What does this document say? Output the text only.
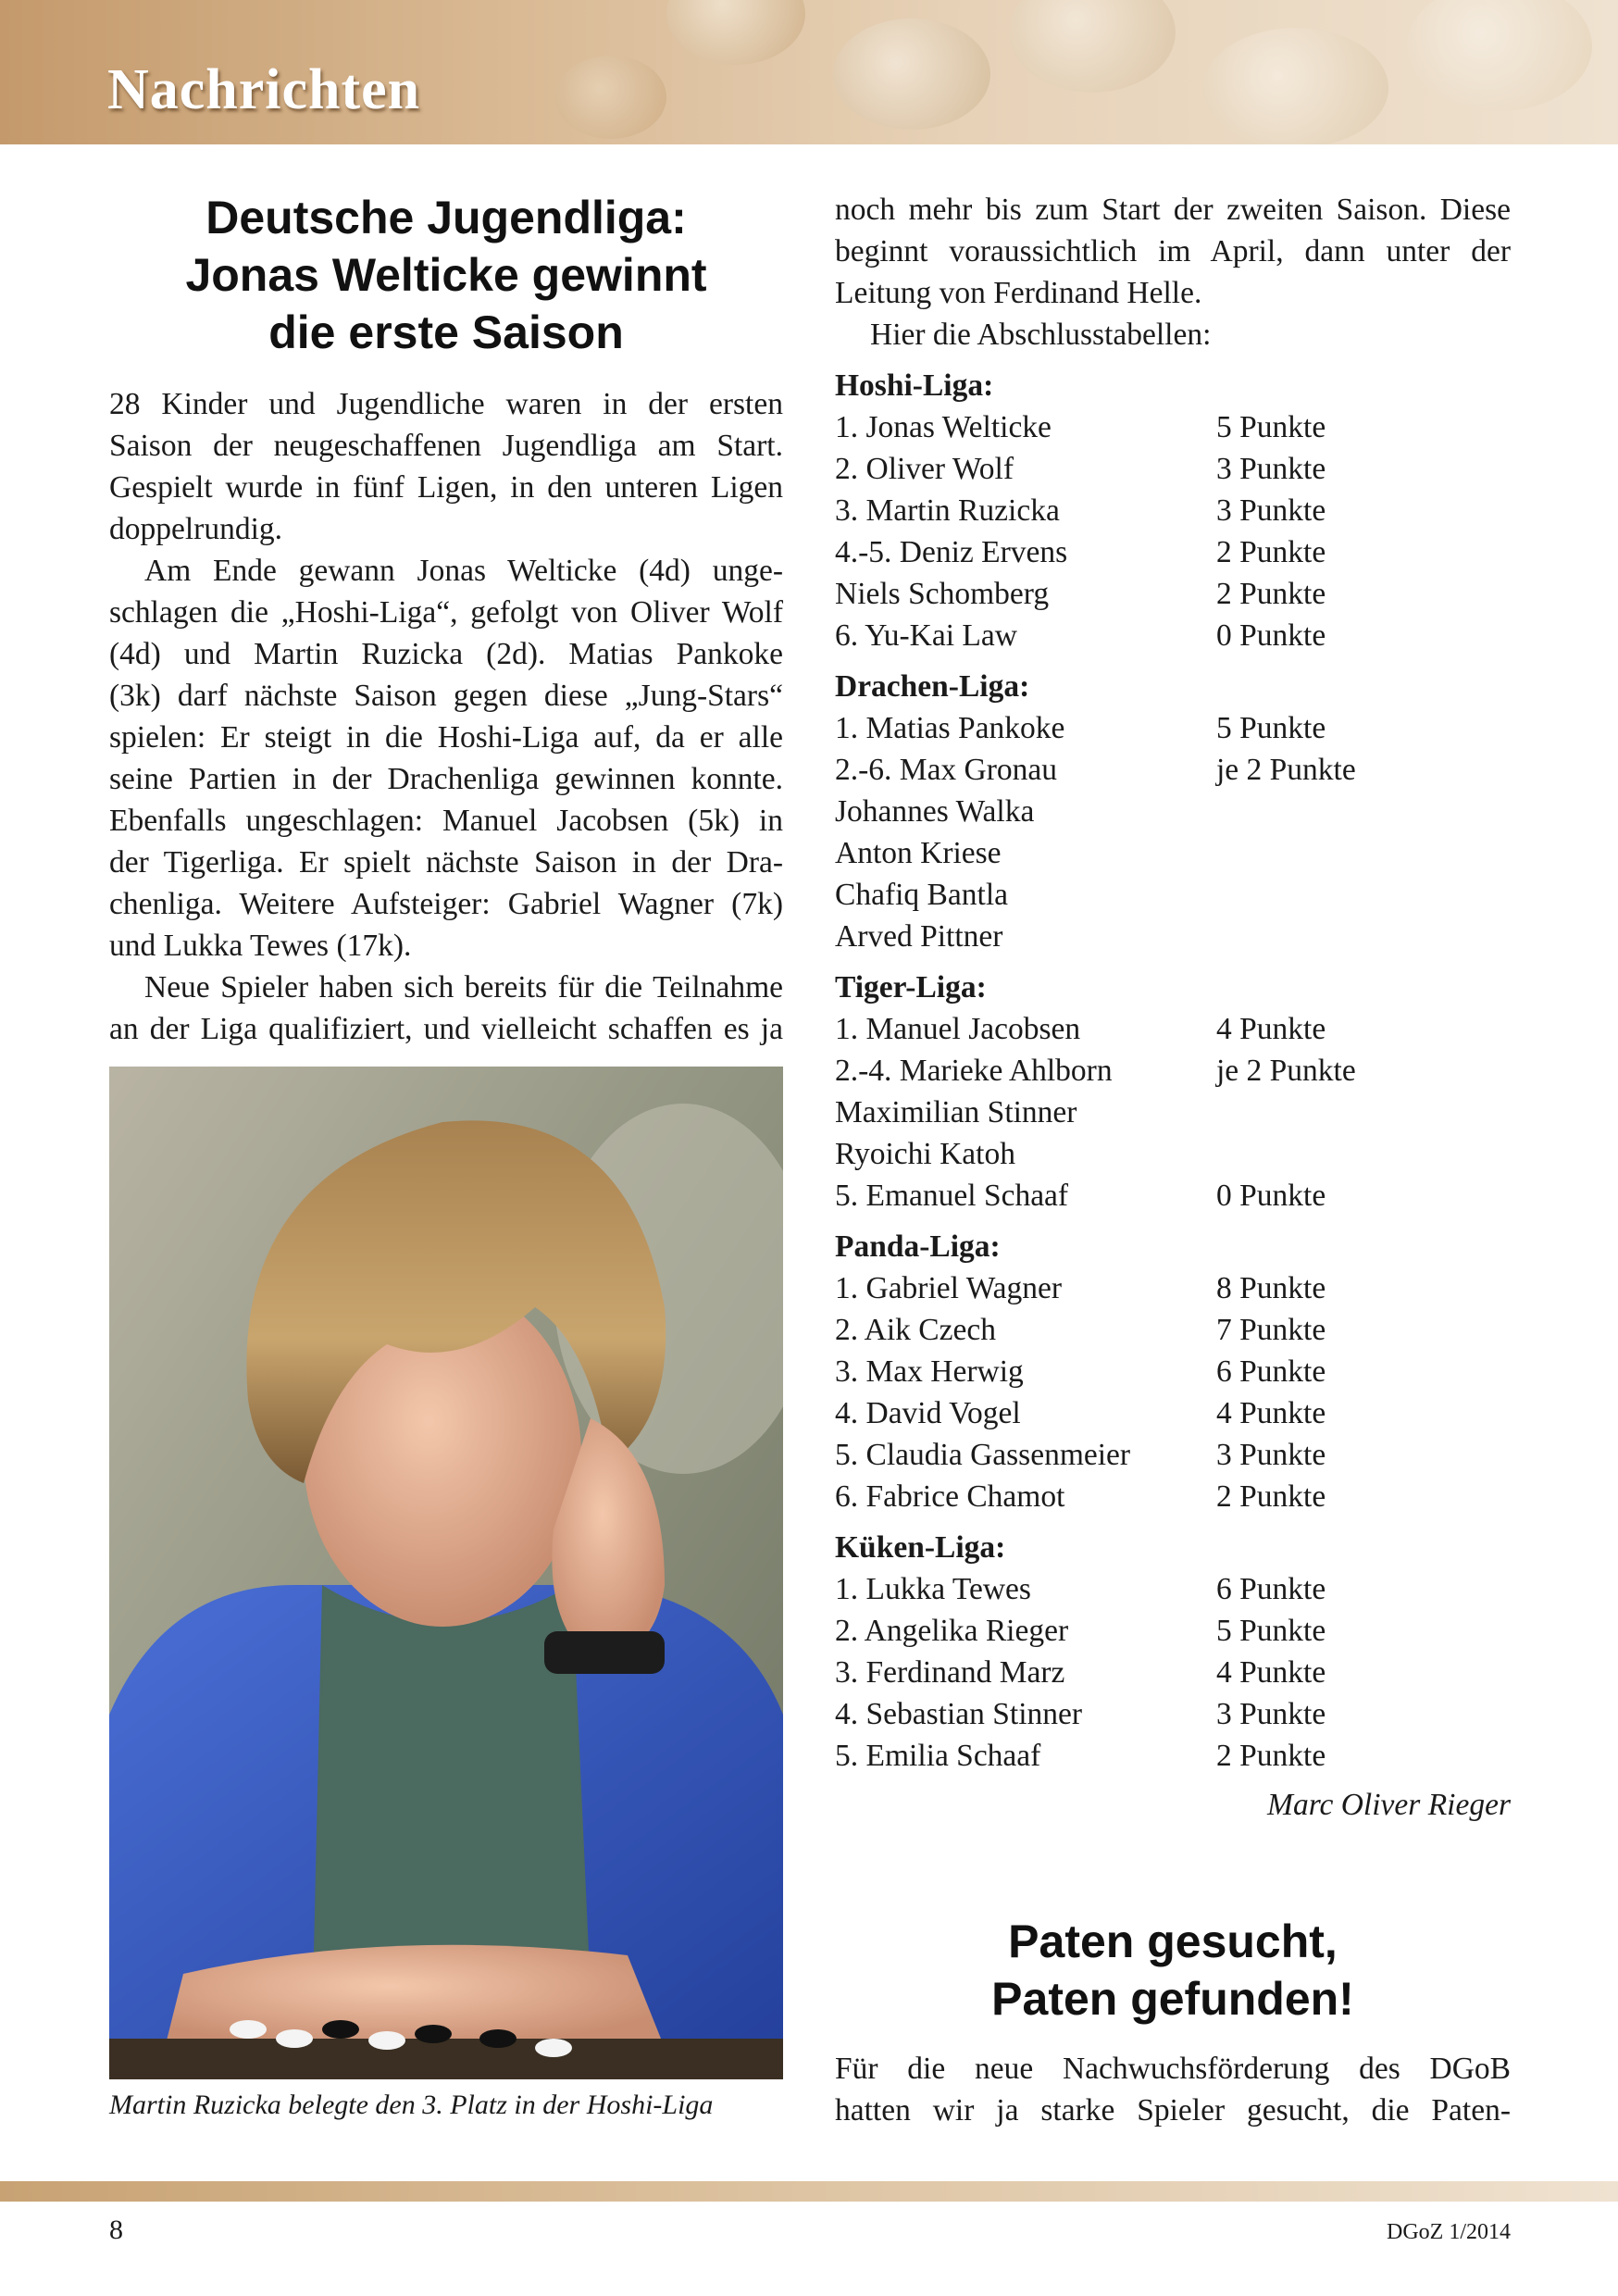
Nachrichten
Deutsche Jugendliga:
Jonas Welticke gewinnt
die erste Saison
28 Kinder und Jugendliche waren in der ersten
Saison der neugeschaffenen Jugendliga am Start.
Gespielt wurde in fünf Ligen, in den unteren Ligen
doppelrundig.
Am Ende gewann Jonas Welticke (4d) unge-
schlagen die „Hoshi-Liga“, gefolgt von Oliver Wolf
(4d) und Martin Ruzicka (2d). Matias Pankoke
(3k) darf nächste Saison gegen diese „Jung-Stars“
spielen: Er steigt in die Hoshi-Liga auf, da er alle
seine Partien in der Drachenliga gewinnen konnte.
Ebenfalls ungeschlagen: Manuel Jacobsen (5k) in
der Tigerliga. Er spielt nächste Saison in der Dra-
chenliga. Weitere Aufsteiger: Gabriel Wagner (7k)
und Lukka Tewes (17k).
Neue Spieler haben sich bereits für die Teilnahme
an der Liga qualifiziert, und vielleicht schaffen es ja
Martin Ruzicka belegte den 3. Platz in der Hoshi-Liga
noch mehr bis zum Start der zweiten Saison. Diese
beginnt voraussichtlich im April, dann unter der
Leitung von Ferdinand Helle.
Hier die Abschlusstabellen:
Hoshi-Liga:
1. Jonas Welticke	5 Punkte
2. Oliver Wolf	3 Punkte
3. Martin Ruzicka	3 Punkte
4.-5. Deniz Ervens	2 Punkte
Niels Schomberg	2 Punkte
6. Yu-Kai Law	0 Punkte
Drachen-Liga:
1. Matias Pankoke	5 Punkte
2.-6. Max Gronau	je 2 Punkte
Johannes Walka
Anton Kriese
Chafiq Bantla
Arved Pittner
Tiger-Liga:
1. Manuel Jacobsen	4 Punkte
2.-4. Marieke Ahlborn	je 2 Punkte
Maximilian Stinner
Ryoichi Katoh
5. Emanuel Schaaf	0 Punkte
Panda-Liga:
1. Gabriel Wagner	8 Punkte
2. Aik Czech	7 Punkte
3. Max Herwig	6 Punkte
4. David Vogel	4 Punkte
5. Claudia Gassenmeier	3 Punkte
6. Fabrice Chamot	2 Punkte
Küken-Liga:
1. Lukka Tewes	6 Punkte
2. Angelika Rieger	5 Punkte
3. Ferdinand Marz	4 Punkte
4. Sebastian Stinner	3 Punkte
5. Emilia Schaaf	2 Punkte
Marc Oliver Rieger
Paten gesucht,
Paten gefunden!
Für die neue Nachwuchsförderung des DGoB
hatten wir ja starke Spieler gesucht, die Paten-
8	DGoZ 1/2014
